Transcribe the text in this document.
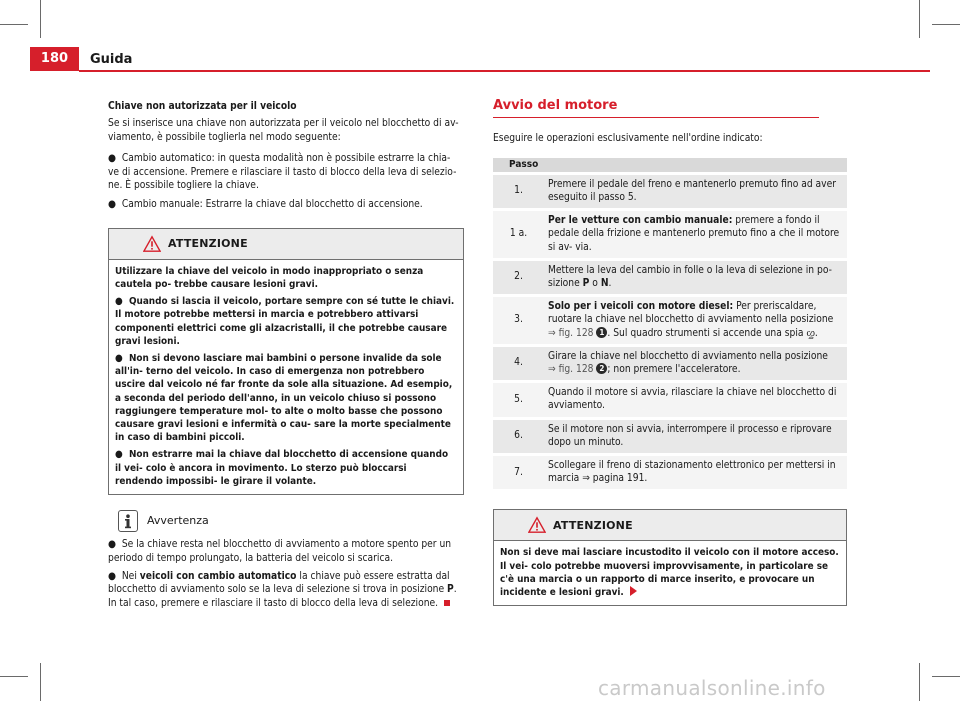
180	Guida

Chiave non autorizzata per il veicolo

Se si inserisce una chiave non autorizzata per il veicolo nel blocchetto di av- viamento, è possibile toglierla nel modo seguente:

●  Cambio automatico: in questa modalità non è possibile estrarre la chia- ve di accensione. Premere e rilasciare il tasto di blocco della leva di selezio- ne. È possibile togliere la chiave.

●  Cambio manuale: Estrarre la chiave dal blocchetto di accensione.

ATTENZIONE

Utilizzare la chiave del veicolo in modo inappropriato o senza cautela po- trebbe causare lesioni gravi.

●  Quando si lascia il veicolo, portare sempre con sé tutte le chiavi. Il motore potrebbe mettersi in marcia e potrebbero attivarsi componenti elettrici come gli alzacristalli, il che potrebbe causare gravi lesioni.

●  Non si devono lasciare mai bambini o persone invalide da sole all'in- terno del veicolo. In caso di emergenza non potrebbero uscire dal veicolo né far fronte da sole alla situazione. Ad esempio, a seconda del periodo dell'anno, in un veicolo chiuso si possono raggiungere temperature mol- to alte o molto basse che possono causare gravi lesioni e infermità o cau- sare la morte specialmente in caso di bambini piccoli.

●  Non estrarre mai la chiave dal blocchetto di accensione quando il vei- colo è ancora in movimento. Lo sterzo può bloccarsi rendendo impossibi- le girare il volante.

Avvertenza

●  Se la chiave resta nel blocchetto di avviamento a motore spento per un periodo di tempo prolungato, la batteria del veicolo si scarica.

●  Nei veicoli con cambio automatico la chiave può essere estratta dal blocchetto di avviamento solo se la leva di selezione si trova in posizione P. In tal caso, premere e rilasciare il tasto di blocco della leva di selezione.

Avvio del motore

Eseguire le operazioni esclusivamente nell'ordine indicato:

Passo	
1.	Premere il pedale del freno e mantenerlo premuto fino ad aver eseguito il passo 5.
1 a.	Per le vetture con cambio manuale: premere a fondo il pedale della frizione e mantenerlo premuto fino a che il motore si av- via.
2.	Mettere la leva del cambio in folle o la leva di selezione in po- sizione P o N.
3.	Solo per i veicoli con motore diesel: Per preriscaldare, ruotare la chiave nel blocchetto di avviamento nella posizione
⇒ fig. 128 1 . Sul quadro strumenti si accende una spia ᦄ.
4.	Girare la chiave nel blocchetto di avviamento nella posizione
⇒ fig. 128 2 ; non premere l'acceleratore.
5.	Quando il motore si avvia, rilasciare la chiave nel blocchetto di avviamento.
6.	Se il motore non si avvia, interrompere il processo e riprovare dopo un minuto.
7.	Scollegare il freno di stazionamento elettronico per mettersi in marcia ⇒ pagina 191.
ATTENZIONE
Non si deve mai lasciare incustodito il veicolo con il motore acceso. Il vei- colo potrebbe muoversi improvvisamente, in particolare se c'è una marcia o un rapporto di marce inserito, e provocare un incidente e lesioni gravi.
carmanualsonline.info
